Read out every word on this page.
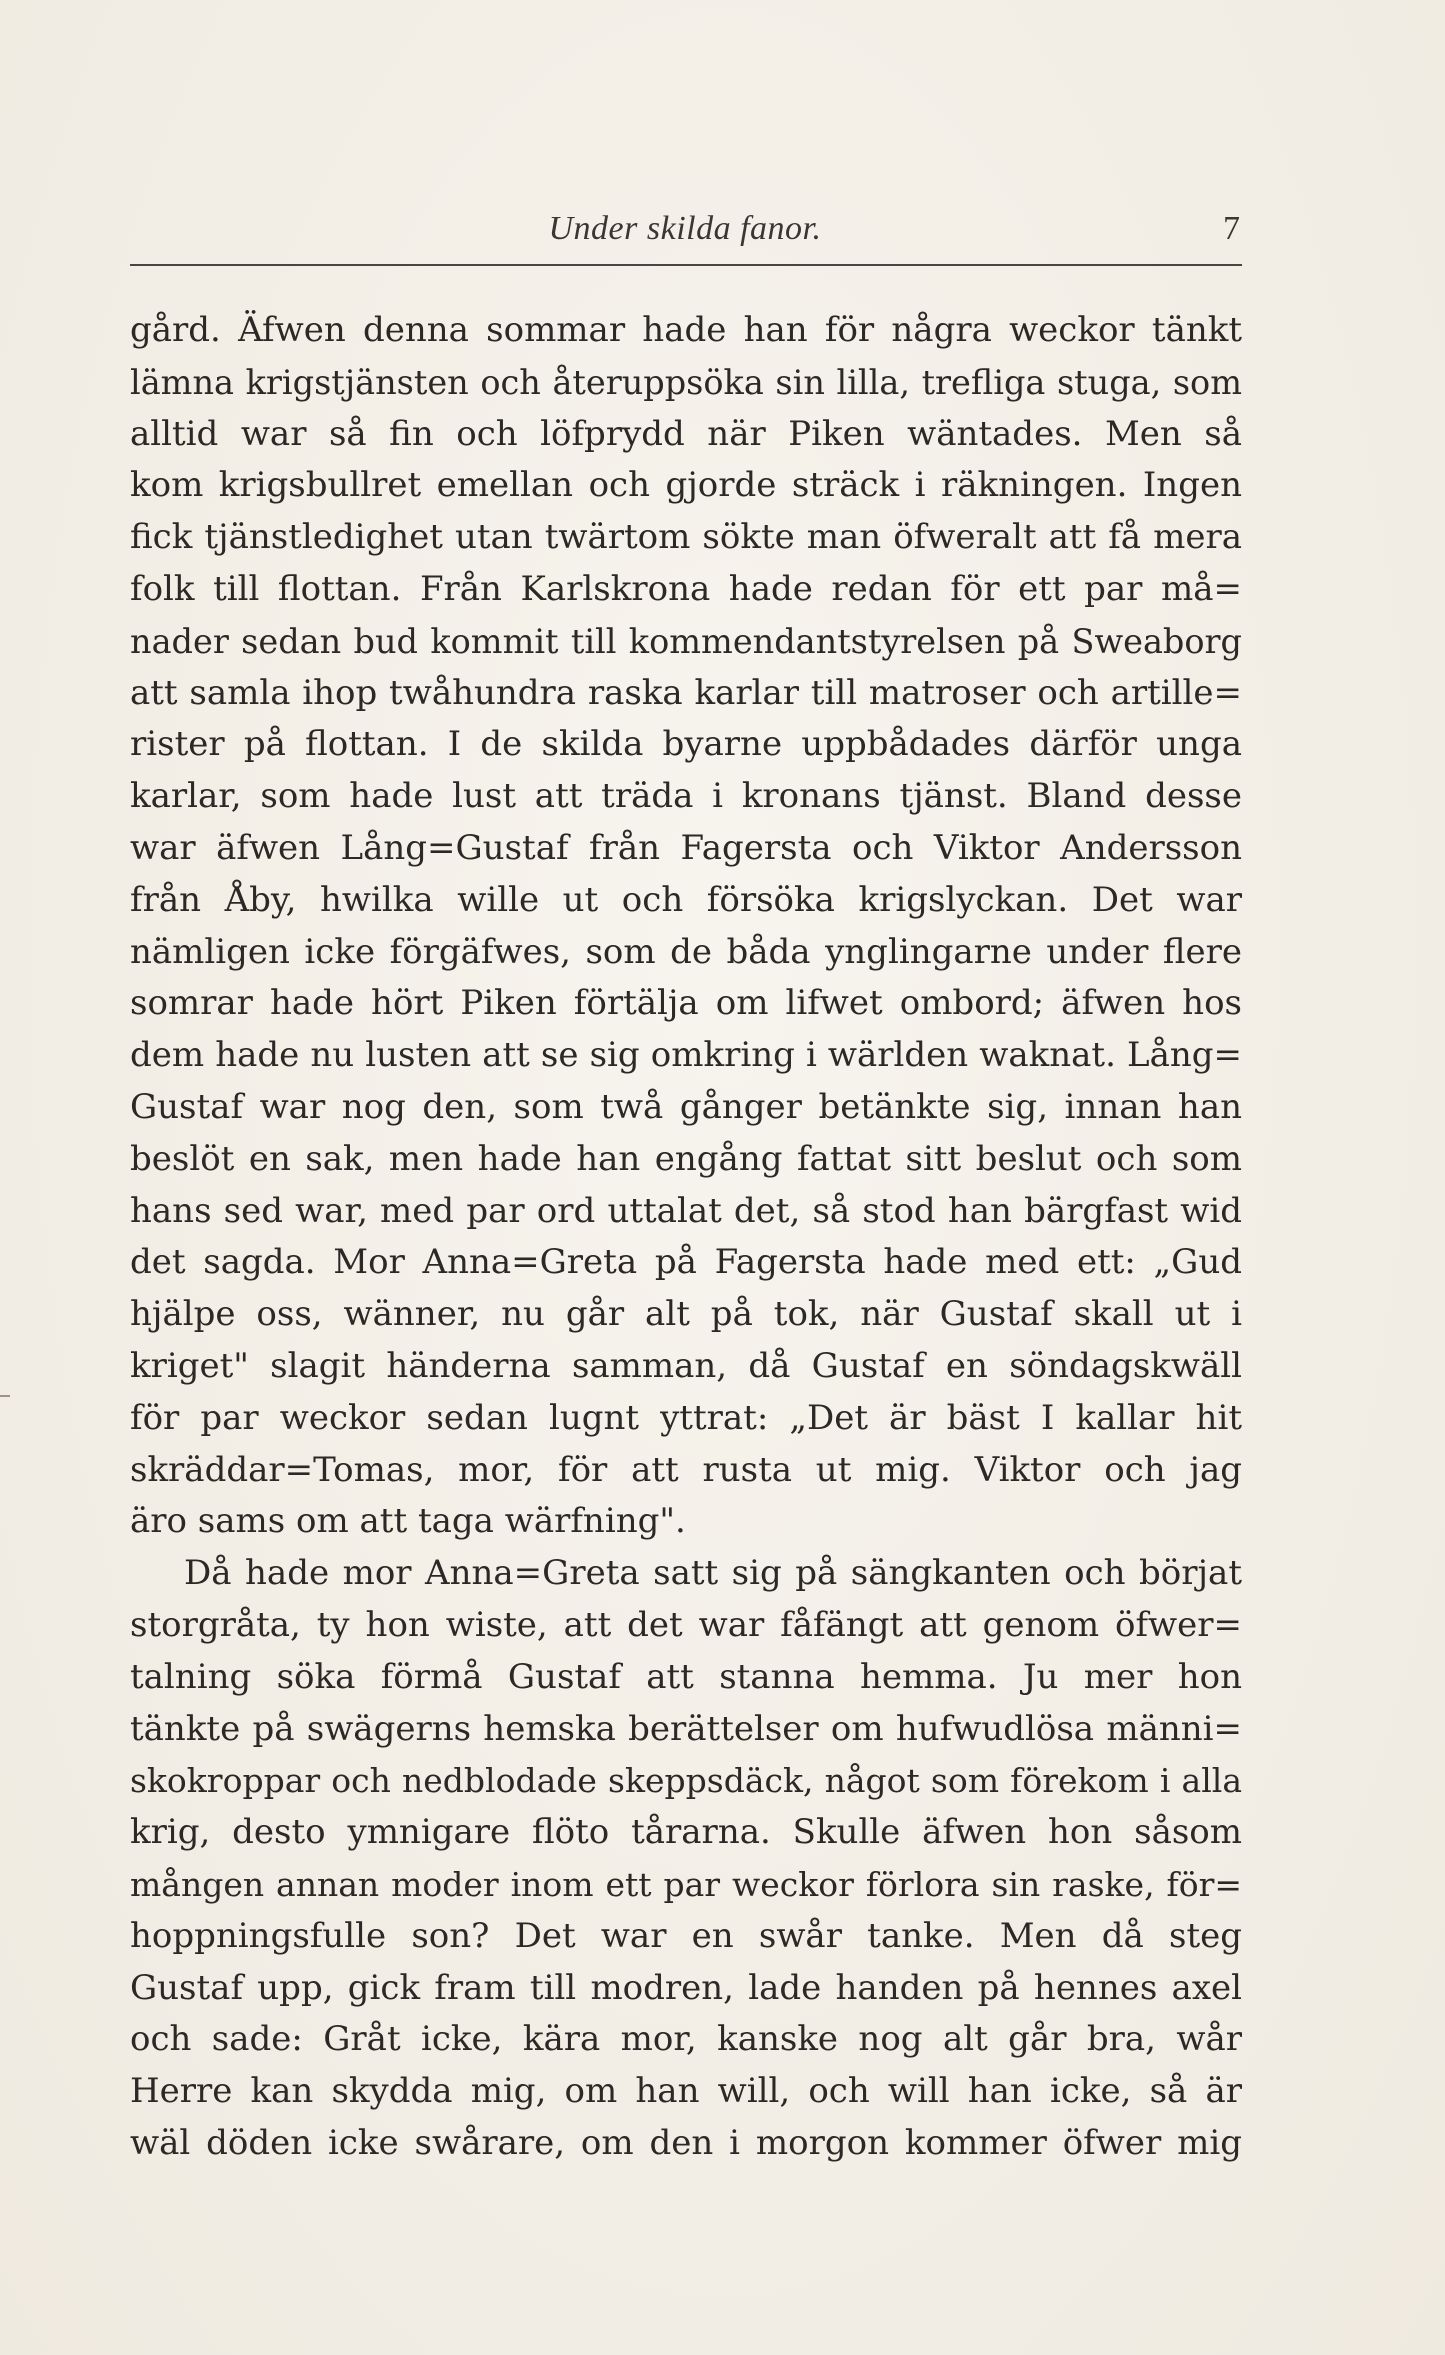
Under skilda fanor.	7
gård. Äfwen denna sommar hade han för några weckor tänkt
lämna krigstjänsten och återuppsöka sin lilla, trefliga stuga, som
alltid war så fin och löfprydd när Piken wäntades. Men så
kom krigsbullret emellan och gjorde sträck i räkningen. Ingen
fick tjänstledighet utan twärtom sökte man öfweralt att få mera
folk till flottan. Från Karlskrona hade redan för ett par må=
nader sedan bud kommit till kommendantstyrelsen på Sweaborg
att samla ihop twåhundra raska karlar till matroser och artille=
rister på flottan. I de skilda byarne uppbådades därför unga
karlar, som hade lust att träda i kronans tjänst. Bland desse
war äfwen Lång=Gustaf från Fagersta och Viktor Andersson
från Åby, hwilka wille ut och försöka krigslyckan. Det war
nämligen icke förgäfwes, som de båda ynglingarne under flere
somrar hade hört Piken förtälja om lifwet ombord; äfwen hos
dem hade nu lusten att se sig omkring i wärlden waknat. Lång=
Gustaf war nog den, som twå gånger betänkte sig, innan han
beslöt en sak, men hade han engång fattat sitt beslut och som
hans sed war, med par ord uttalat det, så stod han bärgfast wid
det sagda. Mor Anna=Greta på Fagersta hade med ett: „Gud
hjälpe oss, wänner, nu går alt på tok, när Gustaf skall ut i
kriget" slagit händerna samman, då Gustaf en söndagskwäll
för par weckor sedan lugnt yttrat: „Det är bäst I kallar hit
skräddar=Tomas, mor, för att rusta ut mig. Viktor och jag
äro sams om att taga wärfning".
Då hade mor Anna=Greta satt sig på sängkanten och börjat
storgråta, ty hon wiste, att det war fåfängt att genom öfwer=
talning söka förmå Gustaf att stanna hemma. Ju mer hon
tänkte på swägerns hemska berättelser om hufwudlösa männi=
skokroppar och nedblodade skeppsdäck, något som förekom i alla
krig, desto ymnigare flöto tårarna. Skulle äfwen hon såsom
mången annan moder inom ett par weckor förlora sin raske, för=
hoppningsfulle son? Det war en swår tanke. Men då steg
Gustaf upp, gick fram till modren, lade handen på hennes axel
och sade: Gråt icke, kära mor, kanske nog alt går bra, wår
Herre kan skydda mig, om han will, och will han icke, så är
wäl döden icke swårare, om den i morgon kommer öfwer mig
